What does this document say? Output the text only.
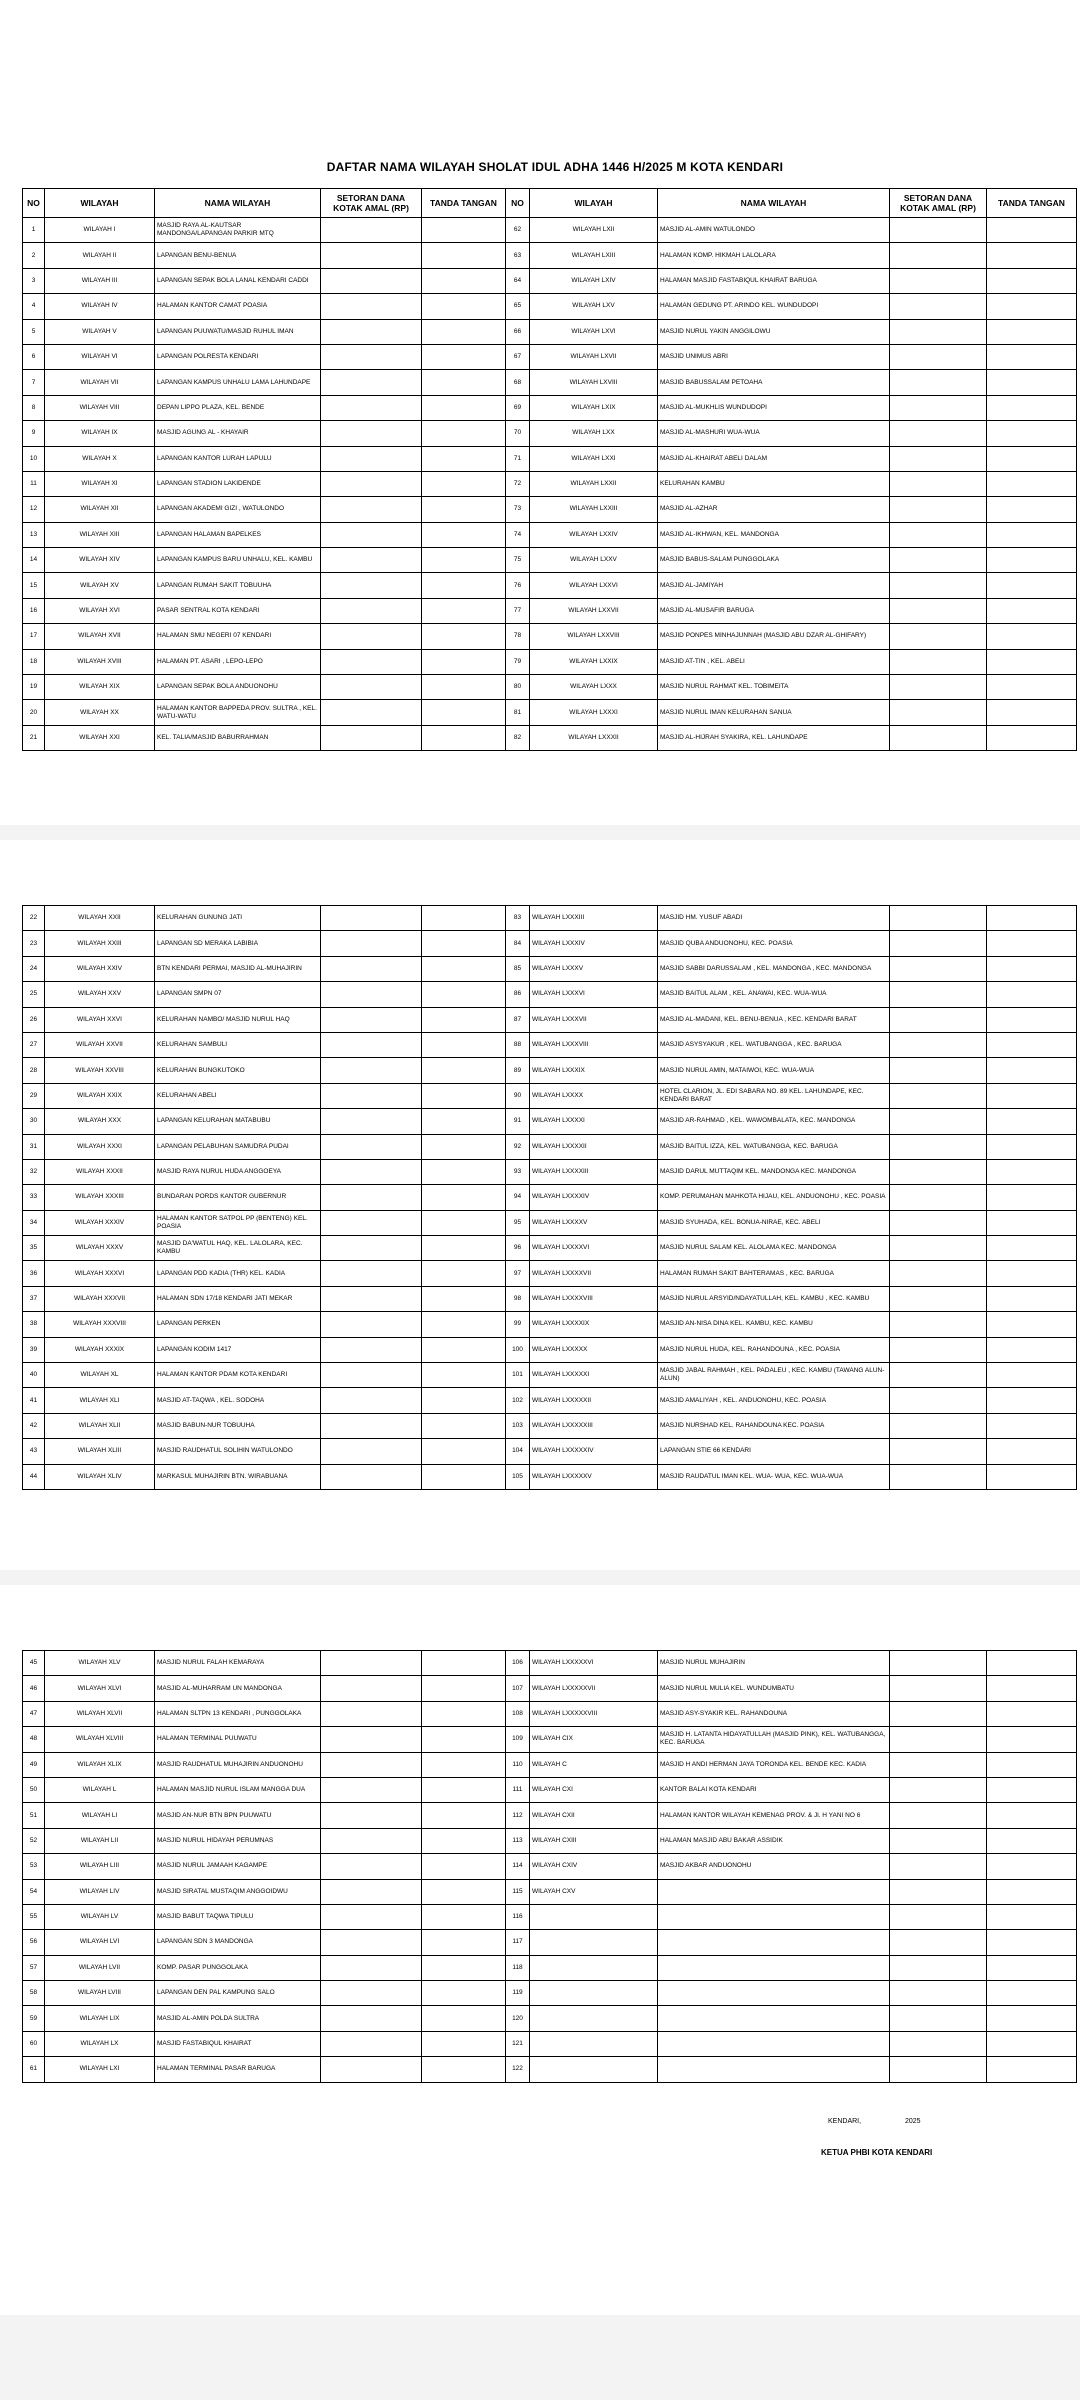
DAFTAR NAMA WILAYAH SHOLAT IDUL ADHA 1446 H/2025 M KOTA KENDARI
NO	WILAYAH	NAMA WILAYAH	SETORAN DANA KOTAK AMAL (RP)	TANDA TANGAN	NO	WILAYAH	NAMA WILAYAH	SETORAN DANA KOTAK AMAL (RP)	TANDA TANGAN
1	WILAYAH I	MASJID RAYA AL-KAUTSAR MANDONGA/LAPANGAN PARKIR MTQ			62	WILAYAH LXII	MASJID AL-AMIN WATULONDO		
2	WILAYAH II	LAPANGAN BENU-BENUA			63	WILAYAH LXIII	HALAMAN KOMP. HIKMAH LALOLARA		
3	WILAYAH III	LAPANGAN SEPAK BOLA LANAL KENDARI CADDI			64	WILAYAH LXIV	HALAMAN MASJID FASTABIQUL KHAIRAT BARUGA		
4	WILAYAH IV	HALAMAN KANTOR CAMAT POASIA			65	WILAYAH LXV	HALAMAN GEDUNG PT. ARINDO KEL. WUNDUDOPI		
5	WILAYAH V	LAPANGAN PUUWATU/MASJID RUHUL IMAN			66	WILAYAH LXVI	MASJID NURUL YAKIN ANGGILOWU		
6	WILAYAH VI	LAPANGAN POLRESTA KENDARI			67	WILAYAH LXVII	MASJID UNIMUS ABRI		
7	WILAYAH VII	LAPANGAN KAMPUS UNHALU LAMA LAHUNDAPE			68	WILAYAH LXVIII	MASJID BABUSSALAM PETOAHA		
8	WILAYAH VIII	DEPAN LIPPO PLAZA, KEL. BENDE			69	WILAYAH LXIX	MASJID AL-MUKHLIS WUNDUDOPI		
9	WILAYAH IX	MASJID AGUNG AL - KHAYAIR			70	WILAYAH LXX	MASJID AL-MASHURI WUA-WUA		
10	WILAYAH X	LAPANGAN KANTOR LURAH LAPULU			71	WILAYAH LXXI	MASJID AL-KHAIRAT ABELI DALAM		
11	WILAYAH XI	LAPANGAN STADION LAKIDENDE			72	WILAYAH LXXII	KELURAHAN KAMBU		
12	WILAYAH XII	LAPANGAN AKADEMI GIZI , WATULONDO			73	WILAYAH LXXIII	MASJID AL-AZHAR		
13	WILAYAH XIII	LAPANGAN HALAMAN BAPELKES			74	WILAYAH LXXIV	MASJID AL-IKHWAN, KEL. MANDONGA		
14	WILAYAH XIV	LAPANGAN KAMPUS BARU UNHALU, KEL. KAMBU			75	WILAYAH LXXV	MASJID BABUS-SALAM PUNGGOLAKA		
15	WILAYAH XV	LAPANGAN RUMAH SAKIT TOBUUHA			76	WILAYAH LXXVI	MASJID AL-JAMIYAH		
16	WILAYAH XVI	PASAR SENTRAL KOTA KENDARI			77	WILAYAH LXXVII	MASJID AL-MUSAFIR BARUGA		
17	WILAYAH XVII	HALAMAN SMU NEGERI 07 KENDARI			78	WILAYAH LXXVIII	MASJID PONPES MINHAJUNNAH (MASJID ABU DZAR AL-GHIFARY)		
18	WILAYAH XVIII	HALAMAN PT. ASARI , LEPO-LEPO			79	WILAYAH LXXIX	MASJID AT-TIN , KEL. ABELI		
19	WILAYAH XIX	LAPANGAN SEPAK BOLA ANDUONOHU			80	WILAYAH LXXX	MASJID NURUL RAHMAT KEL. TOBIMEITA		
20	WILAYAH XX	HALAMAN KANTOR BAPPEDA PROV. SULTRA , KEL. WATU-WATU			81	WILAYAH LXXXI	MASJID NURUL IMAN KELURAHAN SANUA		
21	WILAYAH XXI	KEL. TALIA/MASJID BABURRAHMAN			82	WILAYAH LXXXII	MASJID AL-HIJRAH SYAKIRA, KEL. LAHUNDAPE		
22	WILAYAH XXII	KELURAHAN GUNUNG JATI			83	WILAYAH LXXXIII	MASJID HM. YUSUF ABADI		
23	WILAYAH XXIII	LAPANGAN SD MERAKA LABIBIA			84	WILAYAH LXXXIV	MASJID QUBA ANDUONOHU, KEC. POASIA		
24	WILAYAH XXIV	BTN KENDARI PERMAI, MASJID AL-MUHAJIRIN			85	WILAYAH LXXXV	MASJID SABBI DARUSSALAM , KEL. MANDONGA , KEC. MANDONGA		
25	WILAYAH XXV	LAPANGAN SMPN 07			86	WILAYAH LXXXVI	MASJID BAITUL ALAM , KEL. ANAWAI, KEC. WUA-WUA		
26	WILAYAH XXVI	KELURAHAN NAMBO/ MASJID NURUL HAQ			87	WILAYAH LXXXVII	MASJID AL-MADANI, KEL. BENU-BENUA , KEC. KENDARI BARAT		
27	WILAYAH XXVII	KELURAHAN SAMBULI			88	WILAYAH LXXXVIII	MASJID ASYSYAKUR , KEL. WATUBANGGA , KEC. BARUGA		
28	WILAYAH XXVIII	KELURAHAN BUNGKUTOKO			89	WILAYAH LXXXIX	MASJID NURUL AMIN, MATAIWOI, KEC. WUA-WUA		
29	WILAYAH XXIX	KELURAHAN ABELI			90	WILAYAH LXXXX	HOTEL CLARION, JL. EDI SABARA NO. 89 KEL. LAHUNDAPE, KEC. KENDARI BARAT		
30	WILAYAH XXX	LAPANGAN KELURAHAN MATABUBU			91	WILAYAH LXXXXI	MASJID AR-RAHMAD , KEL. WAWOMBALATA, KEC. MANDONGA		
31	WILAYAH XXXI	LAPANGAN PELABUHAN SAMUDRA PUDAI			92	WILAYAH LXXXXII	MASJID BAITUL IZZA, KEL. WATUBANGGA, KEC. BARUGA		
32	WILAYAH XXXII	MASJID RAYA NURUL HUDA ANGGOEYA			93	WILAYAH LXXXXIII	MASJID DARUL MUTTAQIM KEL. MANDONGA KEC. MANDONGA		
33	WILAYAH XXXIII	BUNDARAN PORDS KANTOR GUBERNUR			94	WILAYAH LXXXXIV	KOMP. PERUMAHAN MAHKOTA HIJAU, KEL. ANDUONOHU , KEC. POASIA		
34	WILAYAH XXXIV	HALAMAN KANTOR SATPOL PP (BENTENG) KEL. POASIA			95	WILAYAH LXXXXV	MASJID SYUHADA, KEL. BONUA-NIRAE, KEC. ABELI		
35	WILAYAH XXXV	MASJID DA'WATUL HAQ, KEL. LALOLARA, KEC. KAMBU			96	WILAYAH LXXXXVI	MASJID NURUL SALAM KEL. ALOLAMA KEC. MANDONGA		
36	WILAYAH XXXVI	LAPANGAN PDD KADIA (THR) KEL. KADIA			97	WILAYAH LXXXXVII	HALAMAN RUMAH SAKIT BAHTERAMAS , KEC. BARUGA		
37	WILAYAH XXXVII	HALAMAN SDN 17/18 KENDARI JATI MEKAR			98	WILAYAH LXXXXVIII	MASJID NURUL ARSYID/NDAYATULLAH, KEL. KAMBU , KEC. KAMBU		
38	WILAYAH XXXVIII	LAPANGAN PERKEN			99	WILAYAH LXXXXIX	MASJID AN-NISA DINA KEL. KAMBU, KEC. KAMBU		
39	WILAYAH XXXIX	LAPANGAN KODIM 1417			100	WILAYAH LXXXXX	MASJID NURUL HUDA, KEL. RAHANDOUNA , KEC. POASIA		
40	WILAYAH XL	HALAMAN KANTOR PDAM KOTA KENDARI			101	WILAYAH LXXXXXI	MASJID JABAL RAHMAH , KEL. PADALEU , KEC. KAMBU (TAWANG ALUN-ALUN)		
41	WILAYAH XLI	MASJID AT-TAQWA , KEL. SODOHA			102	WILAYAH LXXXXXII	MASJID AMALIYAH , KEL. ANDUONOHU, KEC. POASIA		
42	WILAYAH XLII	MASJID BABUN-NUR TOBUUHA			103	WILAYAH LXXXXXIII	MASJID NURSHAD KEL. RAHANDOUNA KEC. POASIA		
43	WILAYAH XLIII	MASJID RAUDHATUL SOLIHIN WATULONDO			104	WILAYAH LXXXXXIV	LAPANGAN STIE 66 KENDARI		
44	WILAYAH XLIV	MARKASUL MUHAJIRIN BTN. WIRABUANA			105	WILAYAH LXXXXXV	MASJID RAUDATUL IMAN KEL. WUA- WUA, KEC. WUA-WUA		
45	WILAYAH XLV	MASJID NURUL FALAH KEMARAYA			106	WILAYAH LXXXXXVI	MASJID NURUL MUHAJIRIN		
46	WILAYAH XLVI	MASJID AL-MUHARRAM UN MANDONGA			107	WILAYAH LXXXXXVII	MASJID NURUL MULIA KEL. WUNDUMBATU		
47	WILAYAH XLVII	HALAMAN SLTPN 13 KENDARI , PUNGGOLAKA			108	WILAYAH LXXXXXVIII	MASJID ASY-SYAKIR KEL. RAHANDOUNA		
48	WILAYAH XLVIII	HALAMAN TERMINAL PUUWATU			109	WILAYAH CIX	MASJID H. LATANTA HIDAYATULLAH (MASJID PINK), KEL. WATUBANGGA, KEC. BARUGA		
49	WILAYAH XLIX	MASJID RAUDHATUL MUHAJIRIN ANDUONOHU			110	WILAYAH C	MASJID H ANDI HERMAN JAYA TORONDA KEL. BENDE KEC. KADIA		
50	WILAYAH L	HALAMAN MASJID NURUL ISLAM MANGGA DUA			111	WILAYAH CXI	KANTOR BALAI KOTA KENDARI		
51	WILAYAH LI	MASJID AN-NUR BTN BPN PUUWATU			112	WILAYAH CXII	HALAMAN KANTOR WILAYAH KEMENAG PROV. & Jl. H YANI NO 6		
52	WILAYAH LII	MASJID NURUL HIDAYAH PERUMNAS			113	WILAYAH CXIII	HALAMAN MASJID ABU BAKAR ASSIDIK		
53	WILAYAH LIII	MASJID NURUL JAMAAH KAGAMPE			114	WILAYAH CXIV	MASJID AKBAR ANDUONOHU		
54	WILAYAH LIV	MASJID SIRATAL MUSTAQIM ANGGOIDWU			115	WILAYAH CXV			
55	WILAYAH LV	MASJID BABUT TAQWA TIPULU			116				
56	WILAYAH LVI	LAPANGAN SDN 3 MANDONGA			117				
57	WILAYAH LVII	KOMP. PASAR PUNGGOLAKA			118				
58	WILAYAH LVIII	LAPANGAN DEN PAL KAMPUNG SALO			119				
59	WILAYAH LIX	MASJID AL-AMIN POLDA SULTRA			120				
60	WILAYAH LX	MASJID FASTABIQUL KHAIRAT			121				
61	WILAYAH LXI	HALAMAN TERMINAL PASAR BARUGA			122				
KENDARI,	2025
KETUA PHBI KOTA KENDARI
